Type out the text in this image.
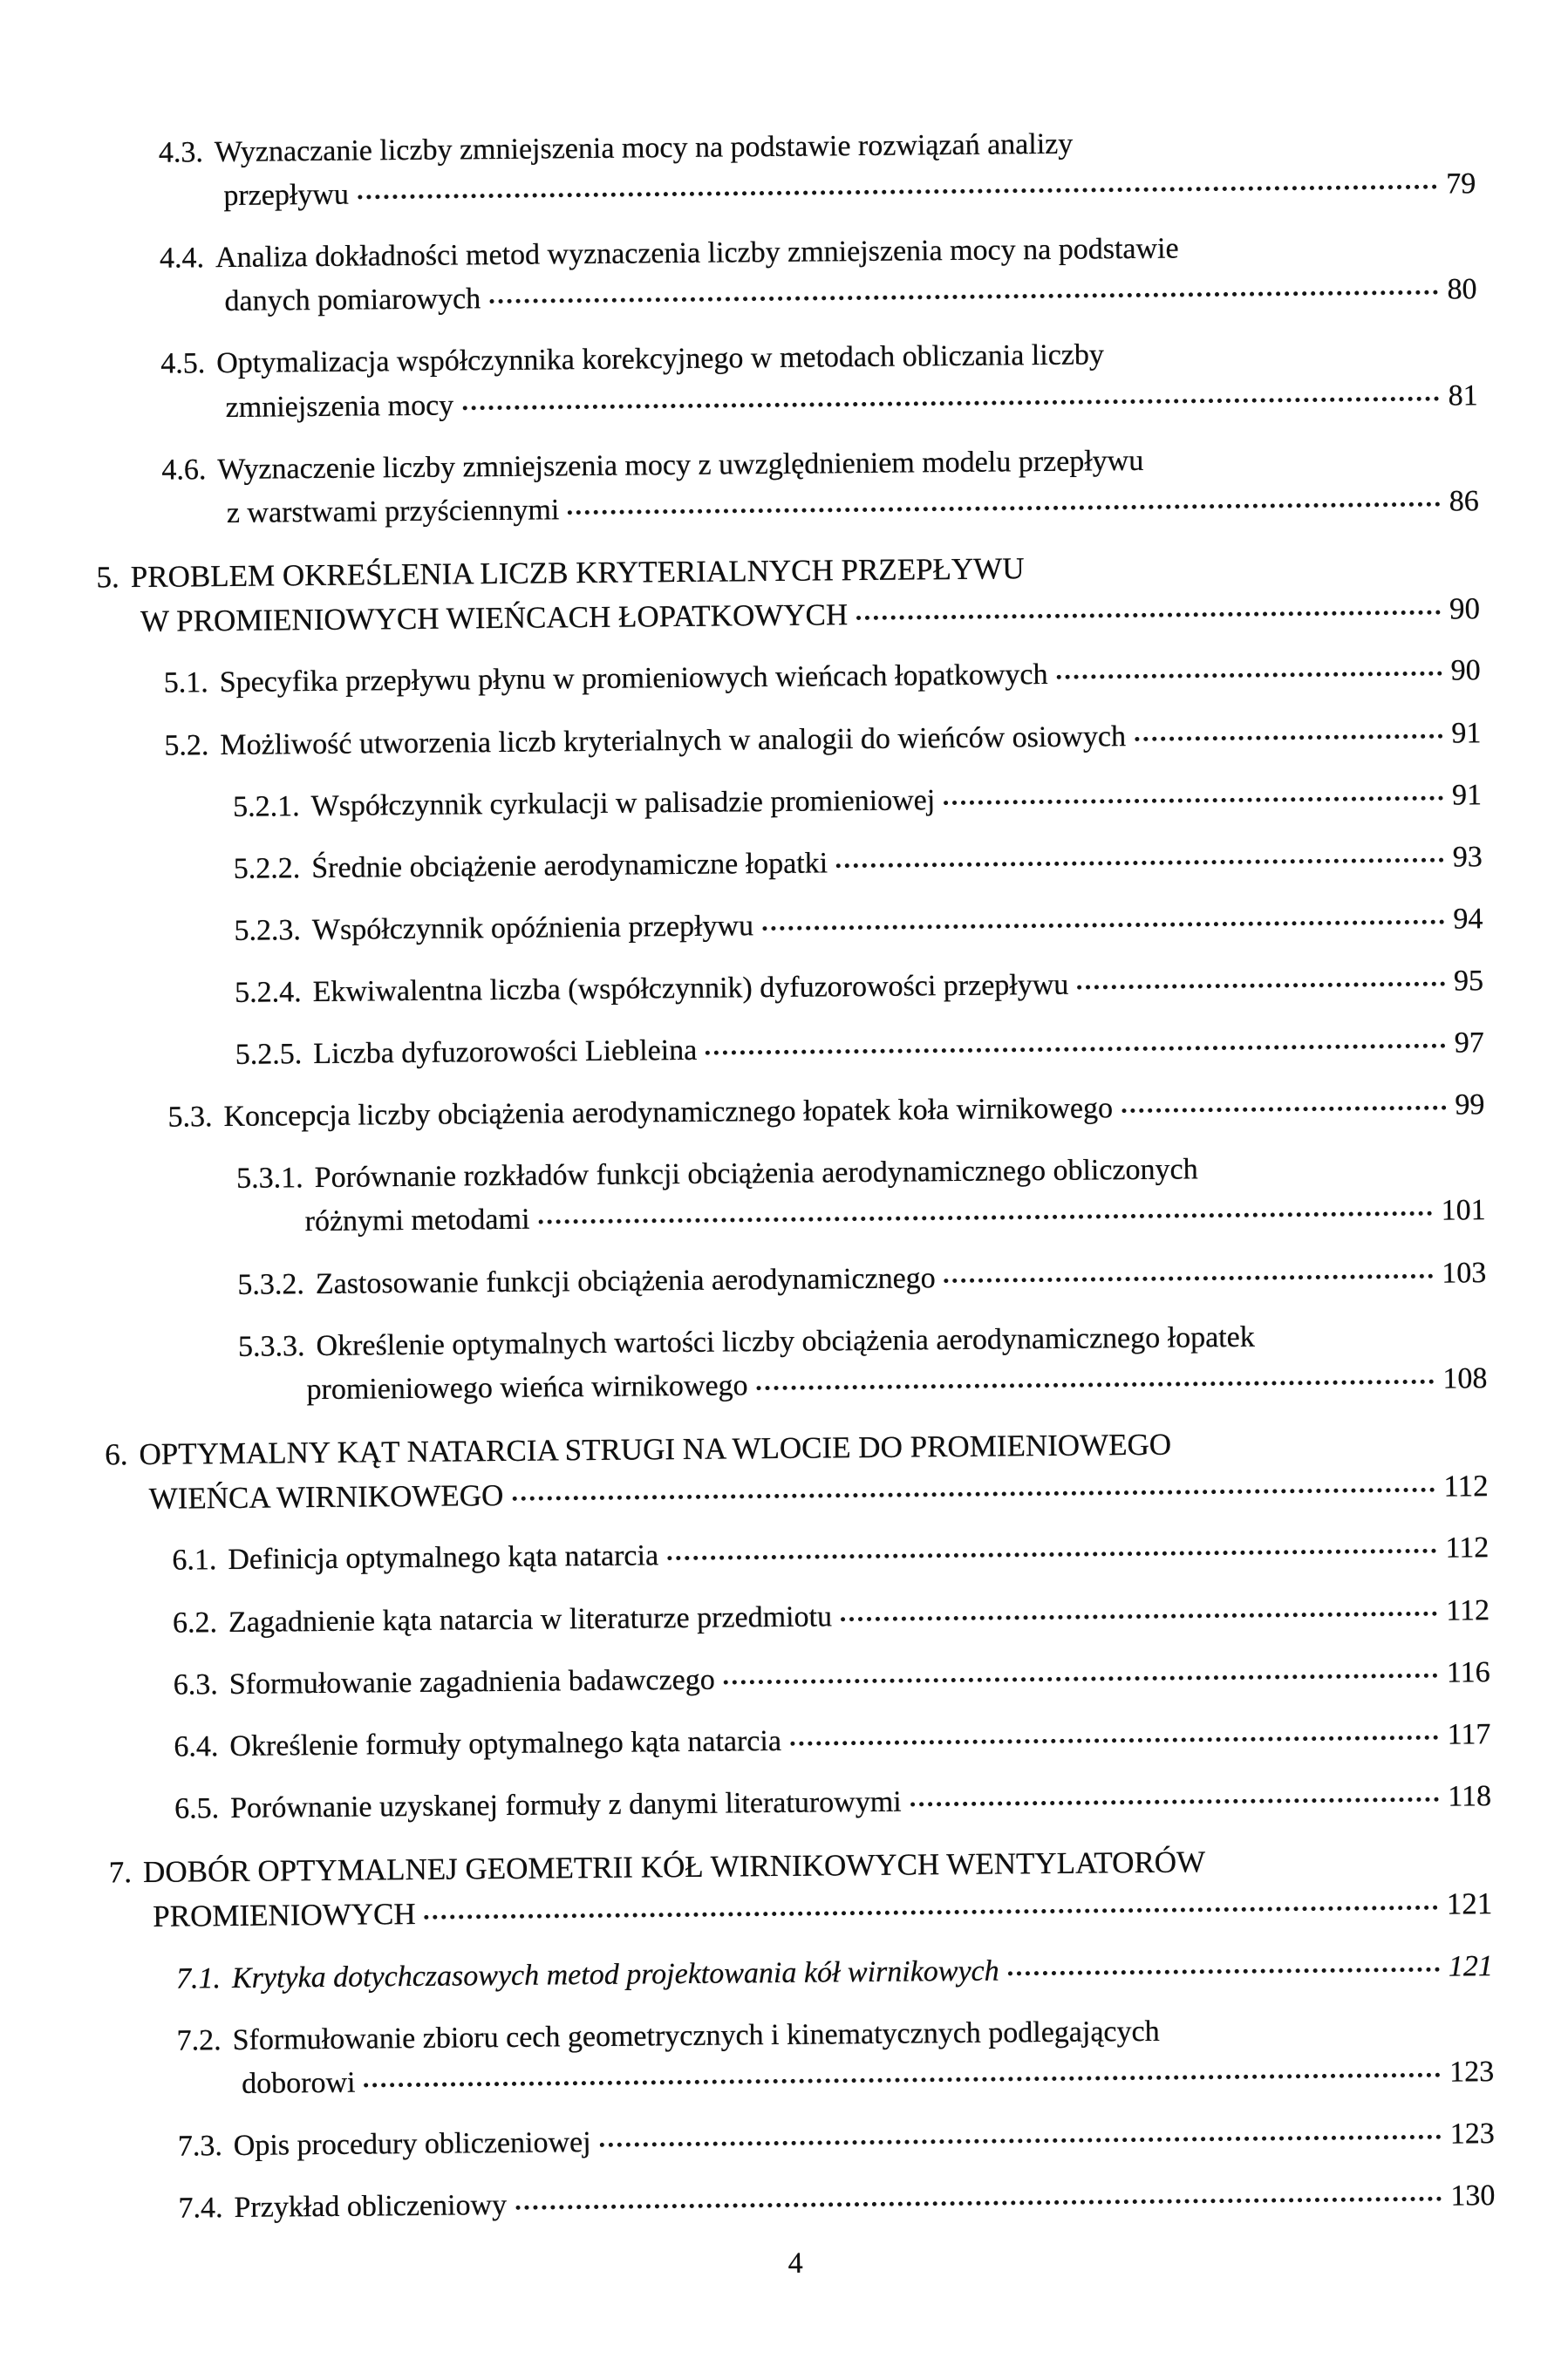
4.3. Wyznaczanie liczby zmniejszenia mocy na podstawie rozwiązań analizy
przepływu	79
4.4. Analiza dokładności metod wyznaczenia liczby zmniejszenia mocy na podstawie
danych pomiarowych	80
4.5. Optymalizacja współczynnika korekcyjnego w metodach obliczania liczby
zmniejszenia mocy	81
4.6. Wyznaczenie liczby zmniejszenia mocy z uwzględnieniem modelu przepływu
z warstwami przyściennymi	86
5. PROBLEM OKREŚLENIA LICZB KRYTERIALNYCH PRZEPŁYWU
W PROMIENIOWYCH WIEŃCACH ŁOPATKOWYCH	90
5.1. Specyfika przepływu płynu w promieniowych wieńcach łopatkowych	90
5.2. Możliwość utworzenia liczb kryterialnych w analogii do wieńców osiowych	91
5.2.1. Współczynnik cyrkulacji w palisadzie promieniowej	91
5.2.2. Średnie obciążenie aerodynamiczne łopatki	93
5.2.3. Współczynnik opóźnienia przepływu	94
5.2.4. Ekwiwalentna liczba (współczynnik) dyfuzorowości przepływu	95
5.2.5. Liczba dyfuzorowości Liebleina	97
5.3. Koncepcja liczby obciążenia aerodynamicznego łopatek koła wirnikowego	99
5.3.1. Porównanie rozkładów funkcji obciążenia aerodynamicznego obliczonych
różnymi metodami	101
5.3.2. Zastosowanie funkcji obciążenia aerodynamicznego	103
5.3.3. Określenie optymalnych wartości liczby obciążenia aerodynamicznego łopatek
promieniowego wieńca wirnikowego	108
6. OPTYMALNY KĄT NATARCIA STRUGI NA WLOCIE DO PROMIENIOWEGO
WIEŃCA WIRNIKOWEGO	112
6.1. Definicja optymalnego kąta natarcia	112
6.2. Zagadnienie kąta natarcia w literaturze przedmiotu	112
6.3. Sformułowanie zagadnienia badawczego	116
6.4. Określenie formuły optymalnego kąta natarcia	117
6.5. Porównanie uzyskanej formuły z danymi literaturowymi	118
7. DOBÓR OPTYMALNEJ GEOMETRII KÓŁ WIRNIKOWYCH WENTYLATORÓW
PROMIENIOWYCH	121
7.1. Krytyka dotychczasowych metod projektowania kół wirnikowych	121
7.2. Sformułowanie zbioru cech geometrycznych i kinematycznych podlegających
doborowi	123
7.3. Opis procedury obliczeniowej	123
7.4. Przykład obliczeniowy	130
4
